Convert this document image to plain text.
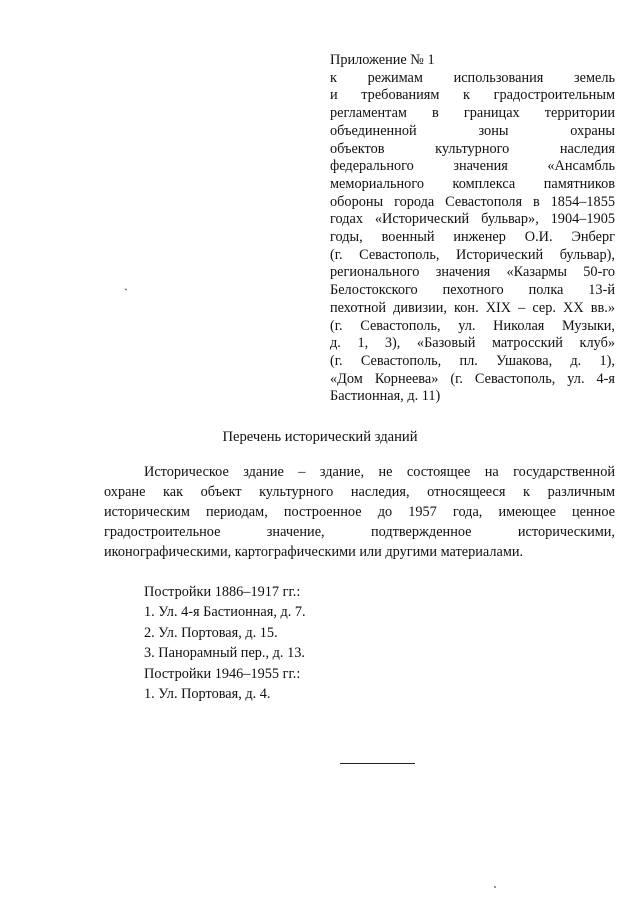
Приложение № 1
к режимам использования земель
и требованиям к градостроительным
регламентам в границах территории
объединенной зоны охраны
объектов культурного наследия
федерального значения «Ансамбль
мемориального комплекса памятников
обороны города Севастополя в 1854–1855
годах «Исторический бульвар», 1904–1905
годы, военный инженер О.И. Энберг
(г. Севастополь, Исторический бульвар),
регионального значения «Казармы 50-го
Белостокского пехотного полка 13-й
пехотной дивизии, кон. XIX – сер. XX вв.»
(г. Севастополь, ул. Николая Музыки,
д. 1, 3), «Базовый матросский клуб»
(г. Севастополь, пл. Ушакова, д. 1),
«Дом Корнеева» (г. Севастополь, ул. 4-я
Бастионная, д. 11)
`
Перечень исторический зданий
Историческое здание – здание, не состоящее на государственной
охране как объект культурного наследия, относящееся к различным
историческим периодам, построенное до 1957 года, имеющее ценное
градостроительное значение, подтвержденное историческими,
иконографическими, картографическими или другими материалами.
Постройки 1886–1917 гг.:
1. Ул. 4-я Бастионная, д. 7.
2. Ул. Портовая, д. 15.
3. Панорамный пер., д. 13.
Постройки 1946–1955 гг.:
1. Ул. Портовая, д. 4.
